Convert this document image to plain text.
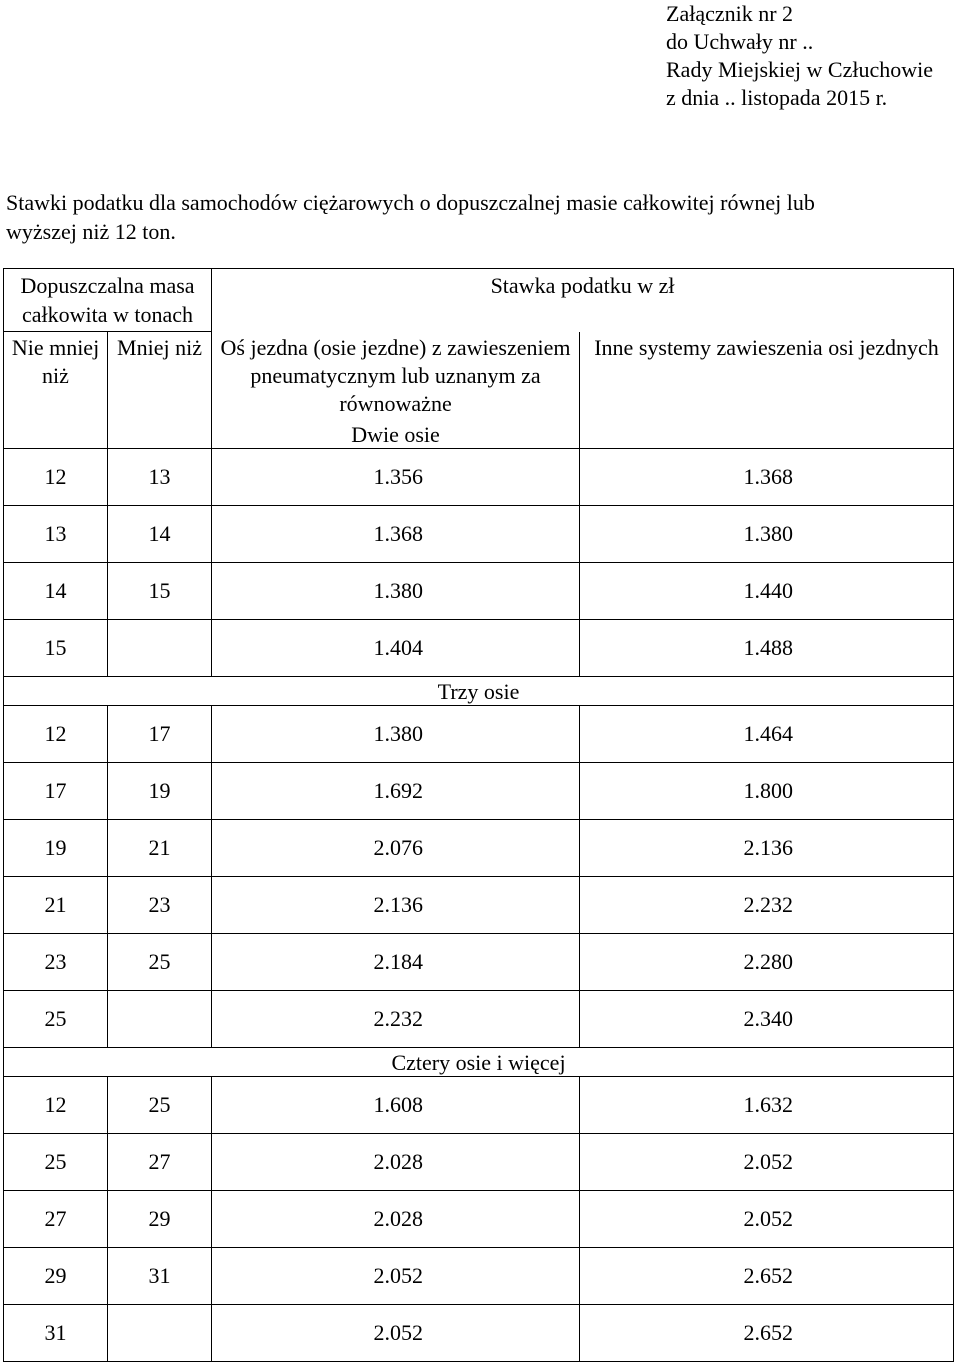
Załącznik nr 2
do Uchwały nr ..
Rady Miejskiej w Człuchowie
z dnia .. listopada 2015 r.
Stawki podatku dla samochodów ciężarowych o dopuszczalnej masie całkowitej równej lub
wyższej niż 12 ton.
Dopuszczalna masa całkowita w tonach		Stawka podatku w zł	
Nie mniej niż	Mniej niż	Oś jezdna (osie jezdne) z zawieszeniem pneumatycznym lub uznanym za równoważne	Inne systemy zawieszenia osi jezdnych
		Dwie osie	
12	13	1.356	1.368
13	14	1.368	1.380
14	15	1.380	1.440
15		1.404	1.488
Trzy osie			
12	17	1.380	1.464
17	19	1.692	1.800
19	21	2.076	2.136
21	23	2.136	2.232
23	25	2.184	2.280
25		2.232	2.340
Cztery osie i więcej			
12	25	1.608	1.632
25	27	2.028	2.052
27	29	2.028	2.052
29	31	2.052	2.652
31		2.052	2.652
